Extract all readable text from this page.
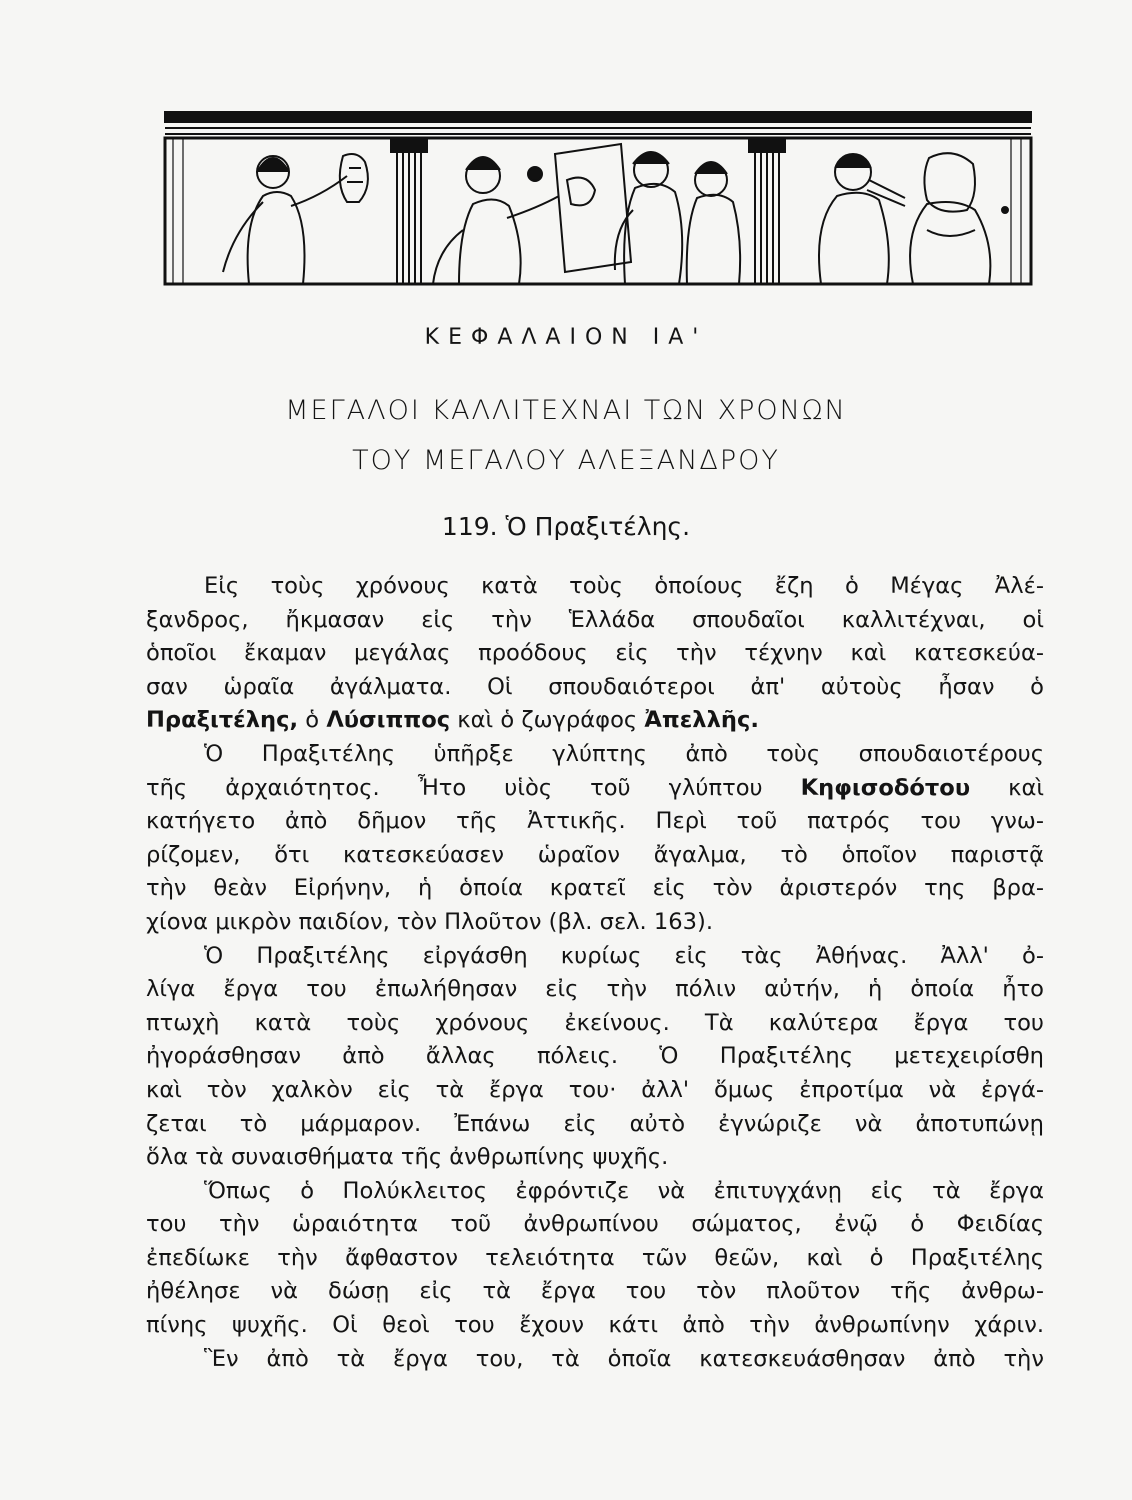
ΚΕΦΑΛΑΙΟΝ ΙΑ'
ΜΕΓΑΛΟΙ ΚΑΛΛΙΤΕΧΝΑΙ ΤΩΝ ΧΡΟΝΩΝ
ΤΟΥ ΜΕΓΑΛΟΥ ΑΛΕΞΑΝΔΡΟΥ
119. Ὁ Πραξιτέλης.
Εἰς τοὺς χρόνους κατὰ τοὺς ὁποίους ἔζη ὁ Μέγας Ἀλέ-
ξανδρος, ἤκμασαν εἰς τὴν Ἑλλάδα σπουδαῖοι καλλιτέχναι, οἱ
ὁποῖοι ἔκαμαν μεγάλας προόδους εἰς τὴν τέχνην καὶ κατεσκεύα-
σαν ὡραῖα ἀγάλματα. Οἱ σπουδαιότεροι ἀπ' αὐτοὺς ἦσαν ὁ
Πραξιτέλης, ὁ Λύσιππος καὶ ὁ ζωγράφος Ἀπελλῆς.
Ὁ Πραξιτέλης ὑπῆρξε γλύπτης ἀπὸ τοὺς σπουδαιοτέρους
τῆς ἀρχαιότητος. Ἦτο υἱὸς τοῦ γλύπτου Κηφισοδότου καὶ
κατήγετο ἀπὸ δῆμον τῆς Ἀττικῆς. Περὶ τοῦ πατρός του γνω-
ρίζομεν, ὅτι κατεσκεύασεν ὡραῖον ἄγαλμα, τὸ ὁποῖον παριστᾷ
τὴν θεὰν Εἰρήνην, ἡ ὁποία κρατεῖ εἰς τὸν ἀριστερόν της βρα-
χίονα μικρὸν παιδίον, τὸν Πλοῦτον (βλ. σελ. 163).
Ὁ Πραξιτέλης εἰργάσθη κυρίως εἰς τὰς Ἀθήνας. Ἀλλ' ὀ-
λίγα ἔργα του ἐπωλήθησαν εἰς τὴν πόλιν αὐτήν, ἡ ὁποία ἦτο
πτωχὴ κατὰ τοὺς χρόνους ἐκείνους. Τὰ καλύτερα ἔργα του
ἠγοράσθησαν ἀπὸ ἄλλας πόλεις. Ὁ Πραξιτέλης μετεχειρίσθη
καὶ τὸν χαλκὸν εἰς τὰ ἔργα του· ἀλλ' ὅμως ἐπροτίμα νὰ ἐργά-
ζεται τὸ μάρμαρον. Ἐπάνω εἰς αὐτὸ ἐγνώριζε νὰ ἀποτυπώνῃ
ὅλα τὰ συναισθήματα τῆς ἀνθρωπίνης ψυχῆς.
Ὅπως ὁ Πολύκλειτος ἐφρόντιζε νὰ ἐπιτυγχάνῃ εἰς τὰ ἔργα
του τὴν ὡραιότητα τοῦ ἀνθρωπίνου σώματος, ἐνῷ ὁ Φειδίας
ἐπεδίωκε τὴν ἄφθαστον τελειότητα τῶν θεῶν, καὶ ὁ Πραξιτέλης
ἠθέλησε νὰ δώσῃ εἰς τὰ ἔργα του τὸν πλοῦτον τῆς ἀνθρω-
πίνης ψυχῆς. Οἱ θεοὶ του ἔχουν κάτι ἀπὸ τὴν ἀνθρωπίνην χάριν.
Ἓν ἀπὸ τὰ ἔργα του, τὰ ὁποῖα κατεσκευάσθησαν ἀπὸ τὴν
